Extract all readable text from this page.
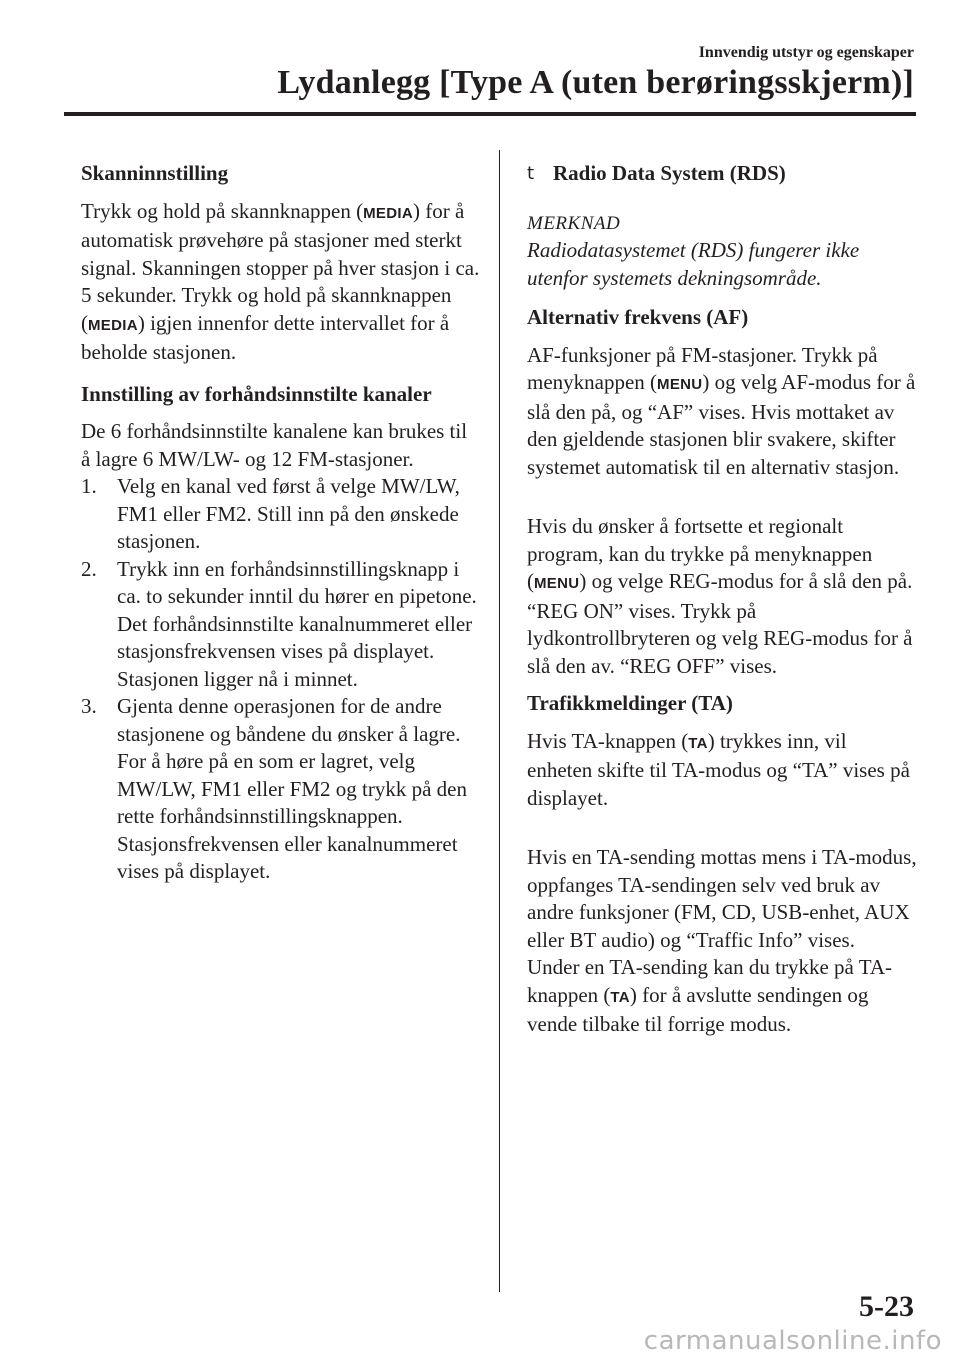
Innvendig utstyr og egenskaper
Lydanlegg [Type A (uten berøringsskjerm)]
Skanninnstilling

Trykk og hold på skannknappen (MEDIA) for å automatisk prøvehøre på stasjoner med sterkt signal. Skanningen stopper på hver stasjon i ca. 5 sekunder. Trykk og hold på skannknappen (MEDIA) igjen innenfor dette intervallet for å beholde stasjonen.

Innstilling av forhåndsinnstilte kanaler

De 6 forhåndsinnstilte kanalene kan brukes til å lagre 6 MW/LW- og 12 FM-stasjoner.

1. Velg en kanal ved først å velge MW/LW, FM1 eller FM2. Still inn på den ønskede stasjonen.
2. Trykk inn en forhåndsinnstillingsknapp i ca. to sekunder inntil du hører en pipetone. Det forhåndsinnstilte kanalnummeret eller stasjonsfrekvensen vises på displayet. Stasjonen ligger nå i minnet.
3. Gjenta denne operasjonen for de andre stasjonene og båndene du ønsker å lagre. For å høre på en som er lagret, velg MW/LW, FM1 eller FM2 og trykk på den rette forhåndsinnstillingsknappen. Stasjonsfrekvensen eller kanalnummeret vises på displayet.
t Radio Data System (RDS)
MERKNAD

Radiodatasystemet (RDS) fungerer ikke utenfor systemets dekningsområde.

Alternativ frekvens (AF)

AF-funksjoner på FM-stasjoner. Trykk på menyknappen (MENU) og velg AF-modus for å slå den på, og “AF” vises. Hvis mottaket av den gjeldende stasjonen blir svakere, skifter systemet automatisk til en alternativ stasjon.

Hvis du ønsker å fortsette et regionalt program, kan du trykke på menyknappen (MENU) og velge REG-modus for å slå den på. “REG ON” vises. Trykk på lydkontrollbryteren og velg REG-modus for å slå den av. “REG OFF” vises.

Trafikkmeldinger (TA)

Hvis TA-knappen (TA) trykkes inn, vil enheten skifte til TA-modus og “TA” vises på displayet.

Hvis en TA-sending mottas mens i TA-modus, oppfanges TA-sendingen selv ved bruk av andre funksjoner (FM, CD, USB-enhet, AUX eller BT audio) og “Traffic Info” vises.

Under en TA-sending kan du trykke på TA-knappen (TA) for å avslutte sendingen og vende tilbake til forrige modus.

5-23
carmanualsonline.info
